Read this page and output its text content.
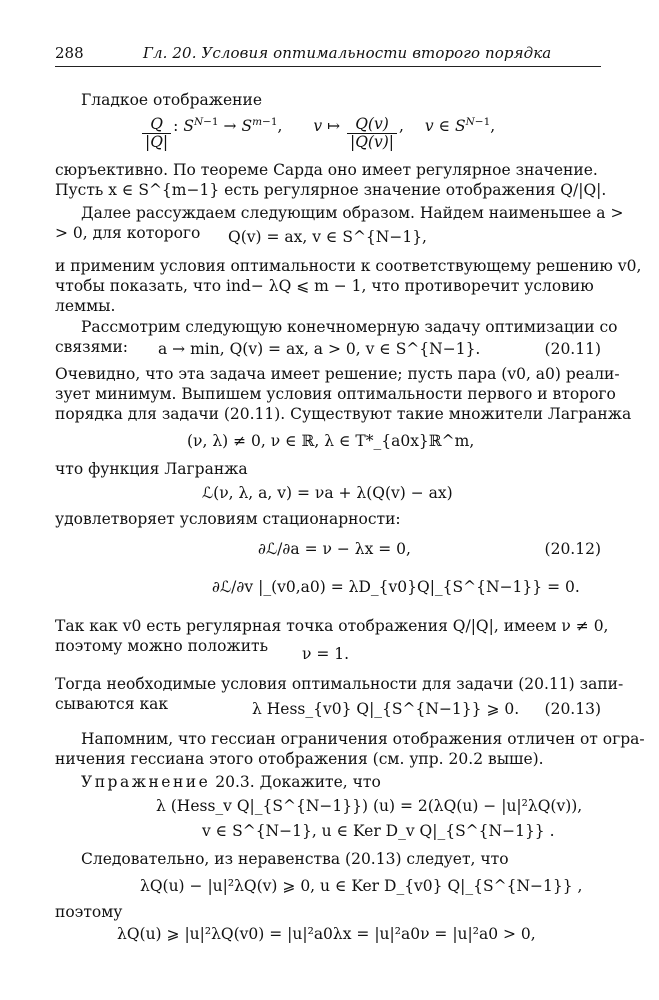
288	Гл. 20. Условия оптимальности второго порядка
Гладкое отображение
$\frac{Q}{|Q|}$ : $S^{N-1} \to S^{m-1}$, v ↦ $\frac{Q(v)}{|Q(v)|}$ , v ∈ $S^{N-1}$,
сюръективно. По теореме Сарда оно имеет регулярное значение.
Пусть x ∈ S^{m−1} есть регулярное значение отображения Q/|Q|.
Далее рассуждаем следующим образом. Найдем наименьшее a >
> 0, для которого Q(v) = ax, v ∈ S^{N−1},
и применим условия оптимальности к соответствующему решению v0,
чтобы показать, что ind− λQ ⩽ m − 1, что противоречит условию
леммы.
Рассмотрим следующую конечномерную задачу оптимизации со
связями: a → min, Q(v) = ax, a > 0, v ∈ S^{N−1}.	(20.11)
Очевидно, что эта задача имеет решение; пусть пара (v0, a0) реали-
зует минимум. Выпишем условия оптимальности первого и второго
порядка для задачи (20.11). Существуют такие множители Лагранжа
(ν, λ) ≠ 0, ν ∈ ℝ, λ ∈ T*_{a0x}ℝ^m,
что функция Лагранжа
ℒ(ν, λ, a, v) = νa + λ(Q(v) − ax)
удовлетворяет условиям стационарности:
∂ℒ/∂a = ν − λx = 0,	(20.12)
∂ℒ/∂v |_(v0,a0) = λD_{v0}Q|_{S^{N−1}} = 0.
Так как v0 есть регулярная точка отображения Q/|Q|, имеем ν ≠ 0,
поэтому можно положить ν = 1.
Тогда необходимые условия оптимальности для задачи (20.11) запи-
сываются как	λ Hess_{v0} Q|_{S^{N−1}} ⩾ 0. (20.13)
Напомним, что гессиан ограничения отображения отличен от огра-
ничения гессиана этого отображения (см. упр. 20.2 выше).
Упражнение 20.3. Докажите, что
λ (Hess_v Q|_{S^{N−1}}) (u) = 2(λQ(u) − |u|²λQ(v)),
v ∈ S^{N−1}, u ∈ Ker D_v Q|_{S^{N−1}} .
Следовательно, из неравенства (20.13) следует, что
λQ(u) − |u|²λQ(v) ⩾ 0, u ∈ Ker D_{v0} Q|_{S^{N−1}} ,
поэтому
λQ(u) ⩾ |u|²λQ(v0) = |u|²a0λx = |u|²a0ν = |u|²a0 > 0,
